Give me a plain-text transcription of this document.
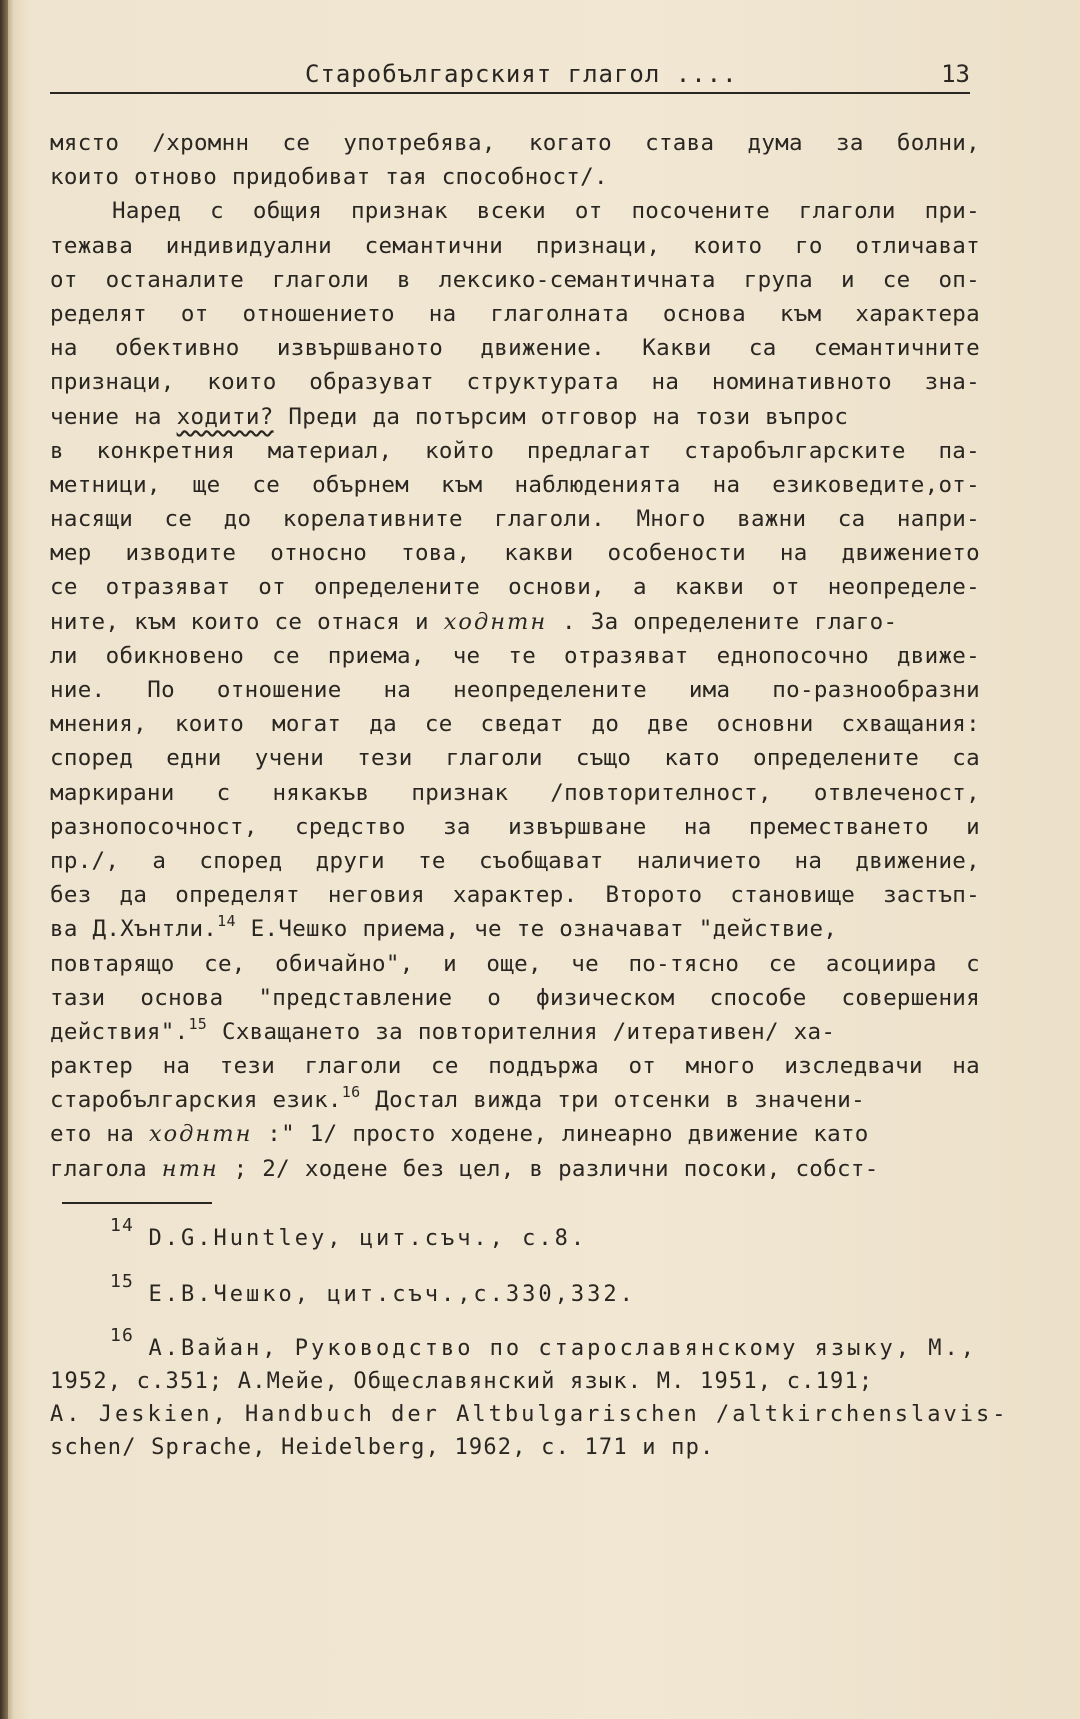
Старобългарският глагол ....	13
място /хромнн се употребява, когато става дума за болни,
които отново придобиват тая способност/.
Наред с общия признак всеки от посочените глаголи при-
тежава индивидуални семантични признаци, които го отличават
от останалите глаголи в лексико-семантичната група и се оп-
ределят от отношението на глаголната основа към характера
на обективно извършваното движение. Какви са семантичните
признаци, които образуват структурата на номинативното зна-
чение на ходити? Преди да потърсим отговор на този въпрос
в конкретния материал, който предлагат старобългарските па-
метници, ще се обърнем към наблюденията на езиковедите,от-
насящи се до корелативните глаголи. Много важни са напри-
мер изводите относно това, какви особености на движението
се отразяват от определените основи, а какви от неопределе-
ните, към които се отнася и ходнтн . За определените глаго-
ли обикновено се приема, че те отразяват еднопосочно движе-
ние. По отношение на неопределените има по-разнообразни
мнения, които могат да се сведат до две основни схващания:
според едни учени тези глаголи също като определените са
маркирани с някакъв признак /повторителност, отвлеченост,
разнопосочност, средство за извършване на преместването и
пр./, а според други те съобщават наличието на движение,
без да определят неговия характер. Второто становище застъп-
ва Д.Хънтли.$^{14}$ Е.Чешко приема, че те означават "действие,
повтарящо се, обичайно", и още, че по-тясно се асоциира с
тази основа "представление о физическом способе совершения
действия".$^{15}$ Схващането за повторителния /итеративен/ ха-
рактер на тези глаголи се поддържа от много изследвачи на
старобългарския език.$^{16}$ Достал вижда три отсенки в значени-
ето на ходнтн :" 1/ просто ходене, линеарно движение като
глагола нтн ; 2/ ходене без цел, в различни посоки, собст-
$^{14}$ D.G.Huntley, цит.съч., с.8.
$^{15}$ Е.В.Чешко, цит.съч.,с.330,332.
$^{16}$ А.Вайан, Руководство по старославянскому языку, М.,
1952, с.351; А.Мейе, Общеславянский язык. М. 1951, с.191;
A. Jeskien, Handbuch der Altbulgarischen /altkirchenslavis-
schen/ Sprache, Heidelberg, 1962, с. 171 и пр.
